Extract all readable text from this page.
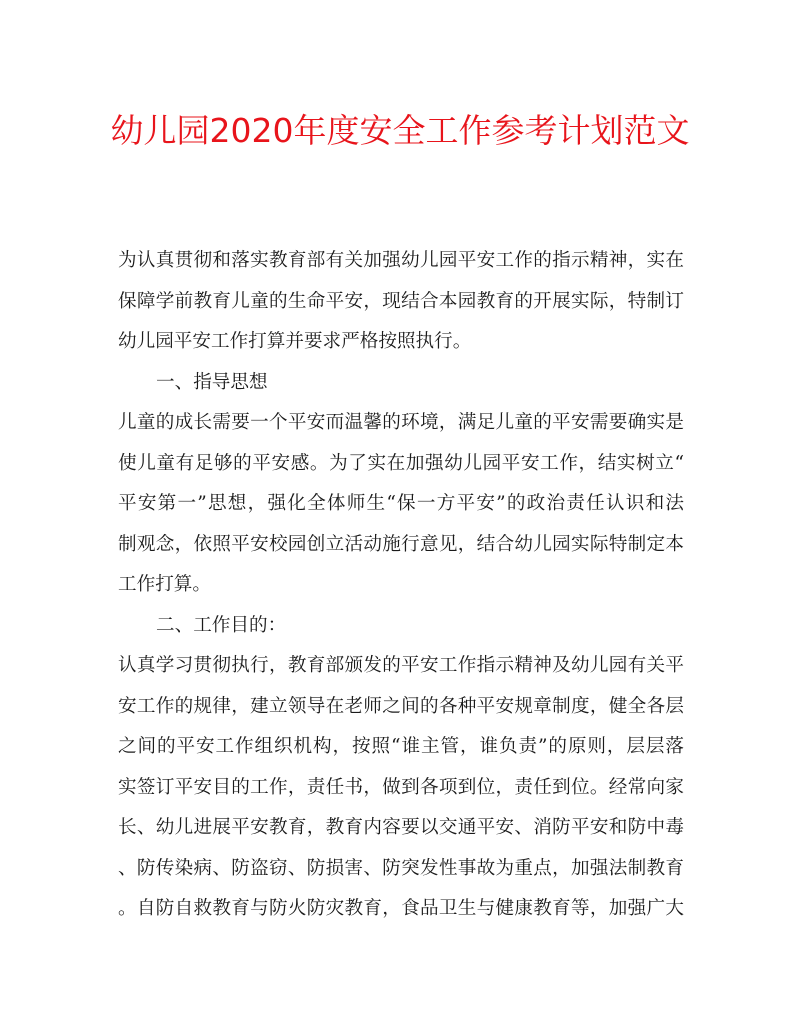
幼儿园2020年度安全工作参考计划范文
为认真贯彻和落实教育部有关加强幼儿园平安工作的指示精神，实在
保障学前教育儿童的生命平安，现结合本园教育的开展实际，特制订
幼儿园平安工作打算并要求严格按照执行。
一、指导思想
儿童的成长需要一个平安而温馨的环境，满足儿童的平安需要确实是
使儿童有足够的平安感。为了实在加强幼儿园平安工作，结实树立“
平安第一”思想，强化全体师生“保一方平安”的政治责任认识和法
制观念，依照平安校园创立活动施行意见，结合幼儿园实际特制定本
工作打算。
二、工作目的：
认真学习贯彻执行，教育部颁发的平安工作指示精神及幼儿园有关平
安工作的规律，建立领导在老师之间的各种平安规章制度，健全各层
之间的平安工作组织机构，按照“谁主管，谁负责”的原则，层层落
实签订平安目的工作，责任书，做到各项到位，责任到位。经常向家
长、幼儿进展平安教育，教育内容要以交通平安、消防平安和防中毒
、防传染病、防盗窃、防损害、防突发性事故为重点，加强法制教育
。自防自救教育与防火防灾教育，食品卫生与健康教育等，加强广大
